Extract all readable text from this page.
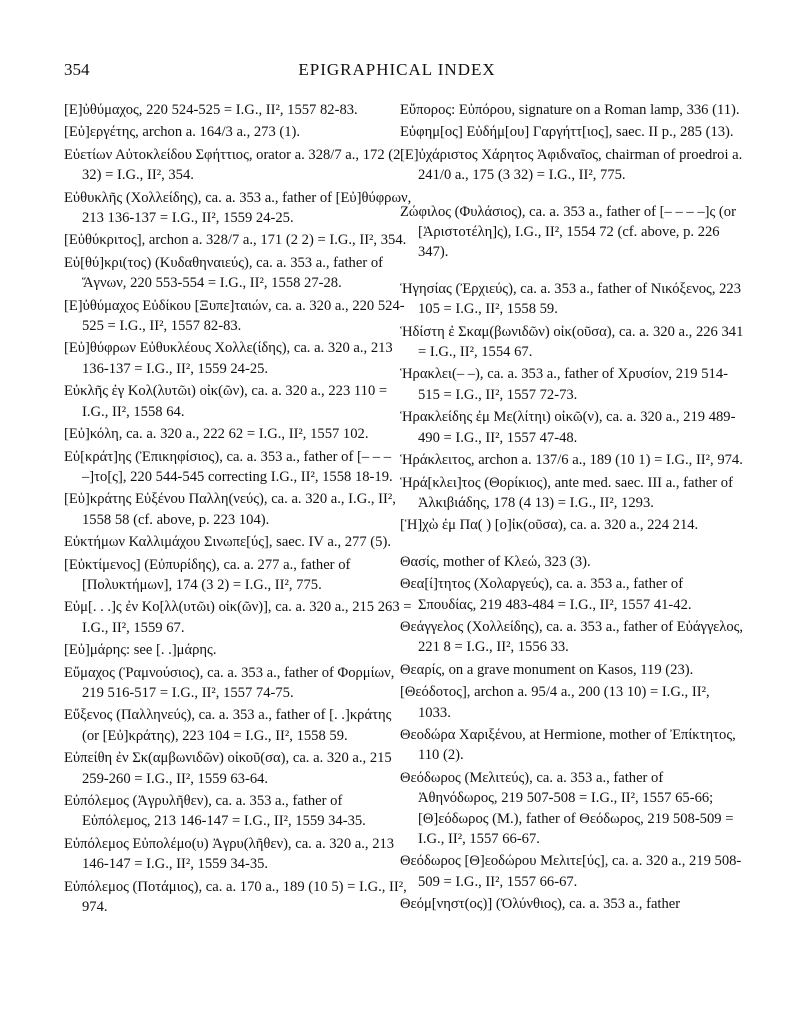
354	EPIGRAPHICAL INDEX
[Ε]ὐθύμαχος, 220 524-525 = I.G., II², 1557 82-83.
[Εὐ]εργέτης, archon a. 164/3 a., 273 (1).
Εὐετίων Αὐτοκλείδου Σφήττιος, orator a. 328/7 a., 172 (2 32) = I.G., II², 354.
Εὐθυκλῆς (Χολλείδης), ca. a. 353 a., father of [Εὐ]θύφρων, 213 136-137 = I.G., II², 1559 24-25.
[Εὐθύκριτος], archon a. 328/7 a., 171 (2 2) = I.G., II², 354.
Εὐ[θύ]κρι(τος) (Κυδαθηναιεύς), ca. a. 353 a., father of Ἅγνων, 220 553-554 = I.G., II², 1558 27-28.
[Ε]ὐθύμαχος Εὐδίκου [Ξυπε]ταιών, ca. a. 320 a., 220 524-525 = I.G., II², 1557 82-83.
[Εὐ]θύφρων Εὐθυκλέους Χολλε(ίδης), ca. a. 320 a., 213 136-137 = I.G., II², 1559 24-25.
Εὐκλῆς ἐγ Κολ(λυτῶι) οἰκ(ῶν), ca. a. 320 a., 223 110 = I.G., II², 1558 64.
[Εὐ]κόλη, ca. a. 320 a., 222 62 = I.G., II², 1557 102.
Εὐ[κράτ]ης (Ἐπικηφίσιος), ca. a. 353 a., father of [– – – –]το[ς], 220 544-545 correcting I.G., II², 1558 18-19.
[Εὐ]κράτης Εὐξένου Παλλη(νεύς), ca. a. 320 a., I.G., II², 1558 58 (cf. above, p. 223 104).
Εὐκτήμων Καλλιμάχου Σινωπε[ύς], saec. IV a., 277 (5).
[Εὐκτίμενος] (Εὐπυρίδης), ca. a. 277 a., father of [Πολυκτήμων], 174 (3 2) = I.G., II², 775.
Εὐμ[. . .]ς ἐν Κο[λλ(υτῶι) οἰκ(ῶν)], ca. a. 320 a., 215 263 = I.G., II², 1559 67.
[Εὐ]μάρης: see [. .]μάρης.
Εὔμαχος (Ῥαμνούσιος), ca. a. 353 a., father of Φορμίων, 219 516-517 = I.G., II², 1557 74-75.
Εὔξενος (Παλληνεύς), ca. a. 353 a., father of [. .]κράτης (or [Εὐ]κράτης), 223 104 = I.G., II², 1558 59.
Εὐπείθη ἐν Σκ(αμβωνιδῶν) οἰκοῦ(σα), ca. a. 320 a., 215 259-260 = I.G., II², 1559 63-64.
Εὐπόλεμος (Ἀγρυλῆθεν), ca. a. 353 a., father of Εὐπόλεμος, 213 146-147 = I.G., II², 1559 34-35.
Εὐπόλεμος Εὐπολέμο(υ) Ἀγρυ(λῆθεν), ca. a. 320 a., 213 146-147 = I.G., II², 1559 34-35.
Εὐπόλεμος (Ποτάμιος), ca. a. 170 a., 189 (10 5) = I.G., II², 974.
Εὔπορος: Εὐπόρου, signature on a Roman lamp, 336 (11).
Εὐφημ[ος] Εὐδήμ[ου] Γαργήττ[ιος], saec. II p., 285 (13).
[Ε]ὐχάριστος Χάρητος Ἀφιδναῖος, chairman of proedroi a. 241/0 a., 175 (3 32) = I.G., II², 775.
Ζώφιλος (Φυλάσιος), ca. a. 353 a., father of [– – – –]ς (or [Ἀριστοτέλη]ς), I.G., II², 1554 72 (cf. above, p. 226 347).
Ἡγησίας (Ἐρχιεύς), ca. a. 353 a., father of Νικόξενος, 223 105 = I.G., II², 1558 59.
Ἡδίστη ἐ Σκαμ(βωνιδῶν) οἰκ(οῦσα), ca. a. 320 a., 226 341 = I.G., II², 1554 67.
Ἡρακλει(– –), ca. a. 353 a., father of Χρυσίον, 219 514-515 = I.G., II², 1557 72-73.
Ἡρακλείδης ἐμ Με(λίτηι) οἰκῶ(ν), ca. a. 320 a., 219 489-490 = I.G., II², 1557 47-48.
Ἡράκλειτος, archon a. 137/6 a., 189 (10 1) = I.G., II², 974.
Ἡρά[κλει]τος (Θορίκιος), ante med. saec. III a., father of Ἀλκιβιάδης, 178 (4 13) = I.G., II², 1293.
[Ἡ]χὼ ἐμ Πα( ) [ο]ἰκ(οῦσα), ca. a. 320 a., 224 214.
Θασίς, mother of Κλεώ, 323 (3).
Θεα[ί]τητος (Χολαργεύς), ca. a. 353 a., father of Σπουδίας, 219 483-484 = I.G., II², 1557 41-42.
Θεάγγελος (Χολλείδης), ca. a. 353 a., father of Εὐάγγελος, 221 8 = I.G., II², 1556 33.
Θεαρίς, on a grave monument on Kasos, 119 (23).
[Θεόδοτος], archon a. 95/4 a., 200 (13 10) = I.G., II², 1033.
Θεοδώρα Χαριξένου, at Hermione, mother of Ἐπίκτητος, 110 (2).
Θεόδωρος (Μελιτεύς), ca. a. 353 a., father of Ἀθηνόδωρος, 219 507-508 = I.G., II², 1557 65-66; [Θ]εόδωρος (M.), father of Θεόδωρος, 219 508-509 = I.G., II², 1557 66-67.
Θεόδωρος [Θ]εοδώρου Μελιτε[ύς], ca. a. 320 a., 219 508-509 = I.G., II², 1557 66-67.
Θεόμ[νηστ(ος)] (Ὀλύνθιος), ca. a. 353 a., father
